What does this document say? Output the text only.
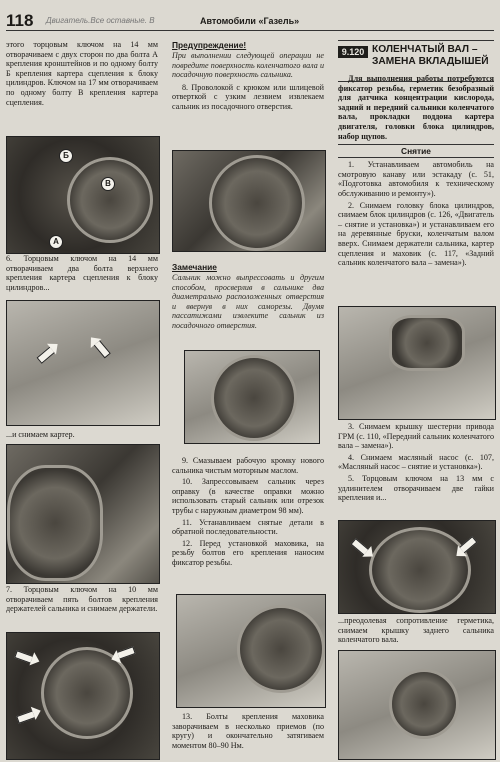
118 Двигатель.Все оставные. В	Автомобили «Газель»

этого торцовым ключом на 14 мм отворачиваем с двух сторон по два болта А крепления кронштейнов и по одному болту Б крепления картера сцепления к блоку цилиндров. Ключом на 17 мм отворачиваем по одному болту В крепления картера сцепления.

Б
В
А

6. Торцовым ключом на 14 мм отворачиваем два болта верхнего крепления картера сцепления к блоку цилиндров...

...и снимаем картер.

7. Торцовым ключом на 10 мм отворачиваем пять болтов крепления держателей сальника и снимаем держатели.

Предупреждение!

При выполнении следующей операции не повредите поверхность коленчатого вала и посадочную поверхность сальника.

8. Проволокой с крюком или шлицевой отверткой с узким лезвием извлекаем сальник из посадочного отверстия.

Замечание

Сальник можно выпрессовать и другим способом, просверлив в сальнике два диаметрально расположенных отверстия и ввернув в них саморезы. Двумя пассатижами извлеките сальник из посадочного отверстия.

9. Смазываем рабочую кромку нового сальника чистым моторным маслом.

10. Запрессовываем сальник через оправку (в качестве оправки можно использовать старый сальник или отрезок трубы с наружным диаметром 98 мм).

11. Устанавливаем снятые детали в обратной последовательности.

12. Перед установкой маховика, на резьбу болтов его крепления наносим фиксатор резьбы.

13. Болты крепления маховика заворачиваем в несколько приемов (по кругу) и окончательно затягиваем моментом 80–90 Нм.

9.120 КОЛЕНЧАТЫЙ ВАЛ – ЗАМЕНА ВКЛАДЫШЕЙ

Для выполнения работы потребуются фиксатор резьбы, герметик безобразный для датчика концентрации кислорода, задний и передний сальники коленчатого вала, прокладки поддона картера двигателя, головки блока цилиндров, набор щупов.

Снятие

1. Устанавливаем автомобиль на смотровую канаву или эстакаду (с. 51, «Подготовка автомобиля к техническому обслуживанию и ремонту»).

2. Снимаем головку блока цилиндров, снимаем блок цилиндров (с. 126, «Двигатель – снятие и установка») и устанавливаем его на деревянные бруски, коленчатым валом вверх. Снимаем держатели сальника, картер сцепления и маховик (с. 117, «Задний сальник коленчатого вала – замена»).

3. Снимаем крышку шестерни привода ГРМ (с. 110, «Передний сальник коленчатого вала – замена»).

4. Снимаем масляный насос (с. 107, «Масляный насос – снятие и установка»).

5. Торцовым ключом на 13 мм с удлинителем отворачиваем две гайки крепления и...

...преодолевая сопротивление герметика, снимаем крышку заднего сальника коленчатого вала.
